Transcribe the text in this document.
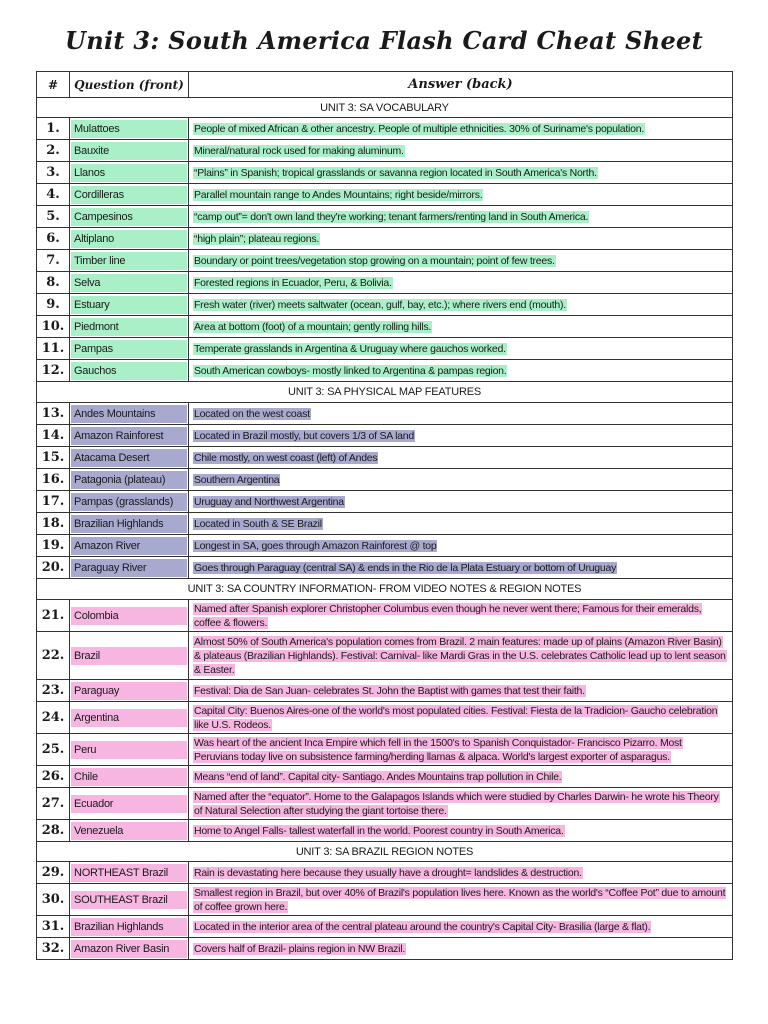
Unit 3: South America Flash Card Cheat Sheet
#	Question (front)	Answer (back)
UNIT 3: SA VOCABULARY		
1.	Mulattoes	People of mixed African & other ancestry. People of multiple ethnicities. 30% of Suriname's population.
2.	Bauxite	Mineral/natural rock used for making aluminum.
3.	Llanos	“Plains” in Spanish; tropical grasslands or savanna region located in South America's North.
4.	Cordilleras	Parallel mountain range to Andes Mountains; right beside/mirrors.
5.	Campesinos	“camp out”= don't own land they're working; tenant farmers/renting land in South America.
6.	Altiplano	“high plain”; plateau regions.
7.	Timber line	Boundary or point trees/vegetation stop growing on a mountain; point of few trees.
8.	Selva	Forested regions in Ecuador, Peru, & Bolivia.
9.	Estuary	Fresh water (river) meets saltwater (ocean, gulf, bay, etc.); where rivers end (mouth).
10.	Piedmont	Area at bottom (foot) of a mountain; gently rolling hills.
11.	Pampas	Temperate grasslands in Argentina & Uruguay where gauchos worked.
12.	Gauchos	South American cowboys- mostly linked to Argentina & pampas region.
UNIT 3: SA PHYSICAL MAP FEATURES		
13.	Andes Mountains	Located on the west coast
14.	Amazon Rainforest	Located in Brazil mostly, but covers 1/3 of SA land
15.	Atacama Desert	Chile mostly, on west coast (left) of Andes
16.	Patagonia (plateau)	Southern Argentina
17.	Pampas (grasslands)	Uruguay and Northwest Argentina
18.	Brazilian Highlands	Located in South & SE Brazil
19.	Amazon River	Longest in SA, goes through Amazon Rainforest @ top
20.	Paraguay River	Goes through Paraguay (central SA) & ends in the Rio de la Plata Estuary or bottom of Uruguay
UNIT 3: SA COUNTRY INFORMATION- FROM VIDEO NOTES & REGION NOTES		
21.	Colombia	Named after Spanish explorer Christopher Columbus even though he never went there; Famous for their emeralds, coffee & flowers.
22.	Brazil	Almost 50% of South America's population comes from Brazil. 2 main features: made up of plains (Amazon River Basin) & plateaus (Brazilian Highlands). Festival: Carnival- like Mardi Gras in the U.S. celebrates Catholic lead up to lent season & Easter.
23.	Paraguay	Festival: Dia de San Juan- celebrates St. John the Baptist with games that test their faith.
24.	Argentina	Capital City: Buenos Aires-one of the world's most populated cities. Festival: Fiesta de la Tradicion- Gaucho celebration like U.S. Rodeos.
25.	Peru	Was heart of the ancient Inca Empire which fell in the 1500's to Spanish Conquistador- Francisco Pizarro. Most Peruvians today live on subsistence farming/herding llamas & alpaca. World's largest exporter of asparagus.
26.	Chile	Means “end of land”. Capital city- Santiago. Andes Mountains trap pollution in Chile.
27.	Ecuador	Named after the “equator”. Home to the Galapagos Islands which were studied by Charles Darwin- he wrote his Theory of Natural Selection after studying the giant tortoise there.
28.	Venezuela	Home to Angel Falls- tallest waterfall in the world. Poorest country in South America.
UNIT 3: SA BRAZIL REGION NOTES		
29.	NORTHEAST Brazil	Rain is devastating here because they usually have a drought= landslides & destruction.
30.	SOUTHEAST Brazil	Smallest region in Brazil, but over 40% of Brazil's population lives here. Known as the world's “Coffee Pot” due to amount of coffee grown here.
31.	Brazilian Highlands	Located in the interior area of the central plateau around the country's Capital City- Brasilia (large & flat).
32.	Amazon River Basin	Covers half of Brazil- plains region in NW Brazil.
